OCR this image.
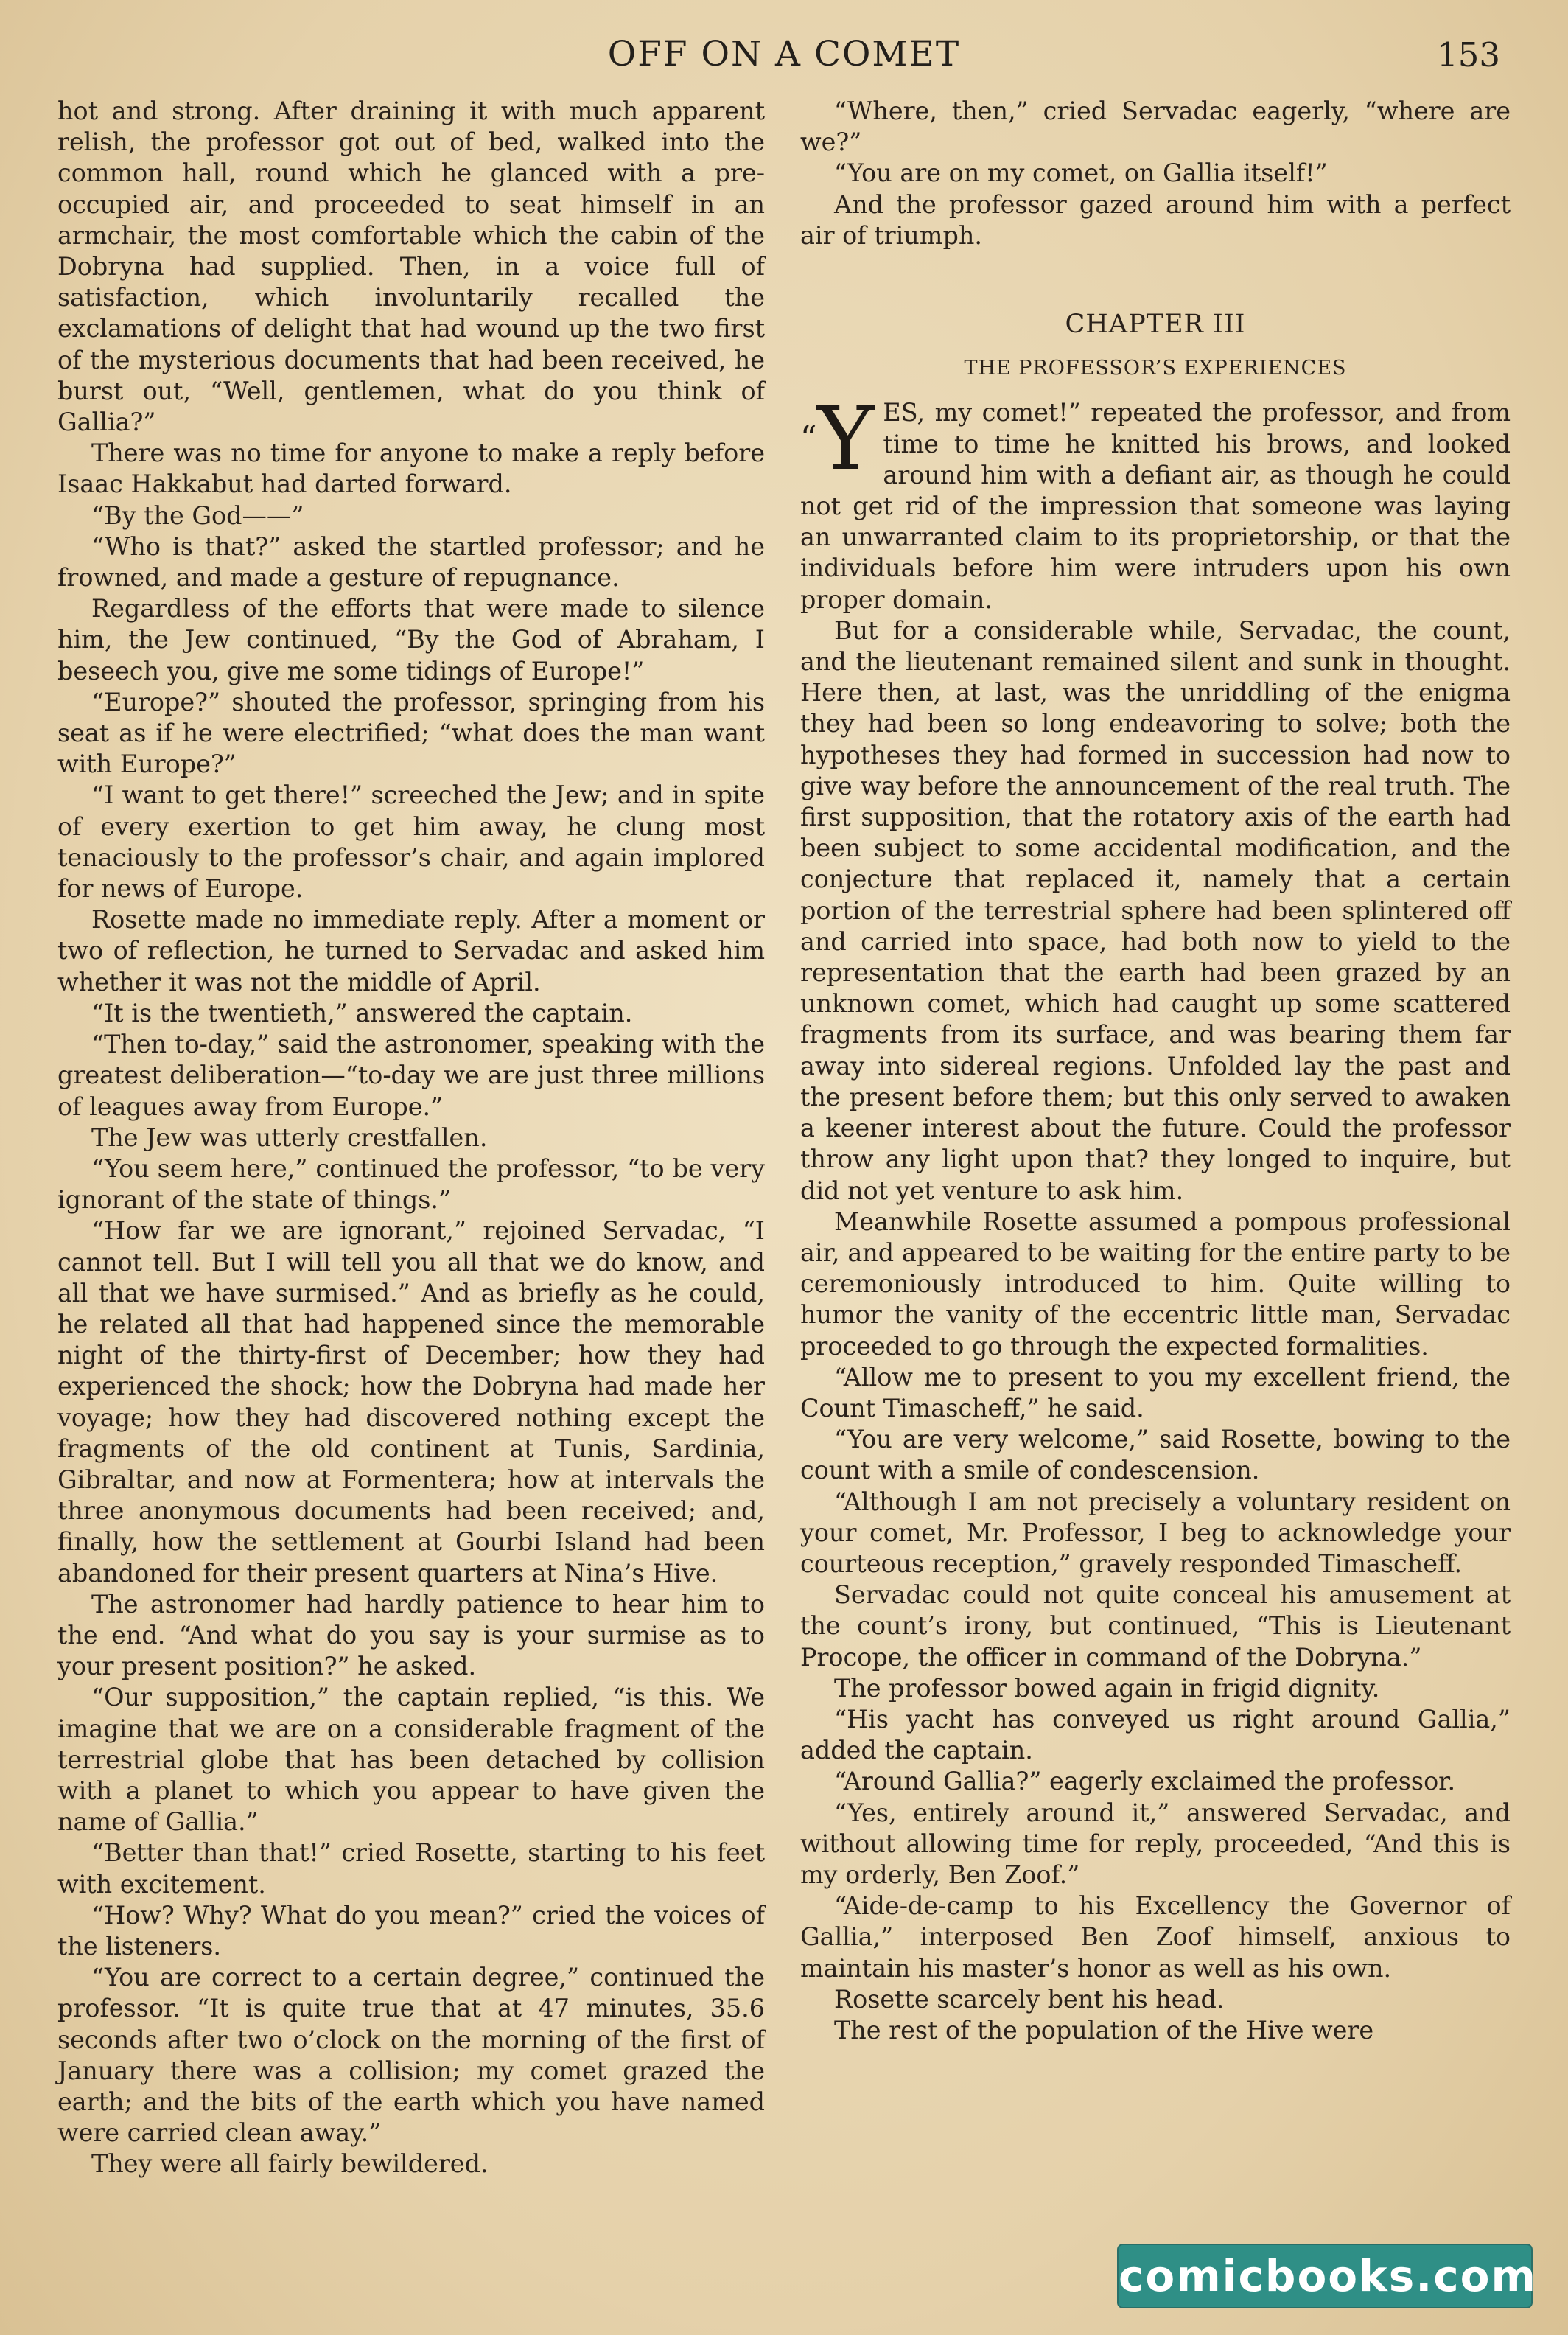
OFF ON A COMET	153

hot and strong. After draining it with much apparent relish, the professor got out of bed, walked into the common hall, round which he glanced with a pre-occupied air, and proceeded to seat himself in an armchair, the most comfortable which the cabin of the Dobryna had supplied. Then, in a voice full of satisfaction, which involuntarily recalled the exclamations of delight that had wound up the two first of the mysterious documents that had been received, he burst out, “Well, gentlemen, what do you think of Gallia?”

There was no time for anyone to make a reply before Isaac Hakkabut had darted forward.

“By the God——”

“Who is that?” asked the startled professor; and he frowned, and made a gesture of repugnance.

Regardless of the efforts that were made to silence him, the Jew continued, “By the God of Abraham, I beseech you, give me some tidings of Europe!”

“Europe?” shouted the professor, springing from his seat as if he were electrified; “what does the man want with Europe?”

“I want to get there!” screeched the Jew; and in spite of every exertion to get him away, he clung most tenaciously to the professor’s chair, and again implored for news of Europe.

Rosette made no immediate reply. After a moment or two of reflection, he turned to Servadac and asked him whether it was not the middle of April.

“It is the twentieth,” answered the captain.

“Then to-day,” said the astronomer, speaking with the greatest deliberation—“to-day we are just three millions of leagues away from Europe.”

The Jew was utterly crestfallen.

“You seem here,” continued the professor, “to be very ignorant of the state of things.”

“How far we are ignorant,” rejoined Servadac, “I cannot tell. But I will tell you all that we do know, and all that we have surmised.” And as briefly as he could, he related all that had happened since the memorable night of the thirty-first of December; how they had experienced the shock; how the Dobryna had made her voyage; how they had discovered nothing except the fragments of the old continent at Tunis, Sardinia, Gibraltar, and now at Formentera; how at intervals the three anonymous documents had been received; and, finally, how the settlement at Gourbi Island had been abandoned for their present quarters at Nina’s Hive.

The astronomer had hardly patience to hear him to the end. “And what do you say is your surmise as to your present position?” he asked.

“Our supposition,” the captain replied, “is this. We imagine that we are on a considerable fragment of the terrestrial globe that has been detached by collision with a planet to which you appear to have given the name of Gallia.”

“Better than that!” cried Rosette, starting to his feet with excitement.

“How? Why? What do you mean?” cried the voices of the listeners.

“You are correct to a certain degree,” continued the professor. “It is quite true that at 47 minutes, 35.6 seconds after two o’clock on the morning of the first of January there was a collision; my comet grazed the earth; and the bits of the earth which you have named were carried clean away.”

They were all fairly bewildered.

“Where, then,” cried Servadac eagerly, “where are we?”

“You are on my comet, on Gallia itself!”

And the professor gazed around him with a perfect air of triumph.

CHAPTER III
THE PROFESSOR’S EXPERIENCES

“Y ES, my comet!” repeated the professor, and from time to time he knitted his brows, and looked around him with a defiant air, as though he could not get rid of the impression that someone was laying an unwarranted claim to its proprietorship, or that the individuals before him were intruders upon his own proper domain.

But for a considerable while, Servadac, the count, and the lieutenant remained silent and sunk in thought. Here then, at last, was the unriddling of the enigma they had been so long endeavoring to solve; both the hypotheses they had formed in succession had now to give way before the announcement of the real truth. The first supposition, that the rotatory axis of the earth had been subject to some accidental modification, and the conjecture that replaced it, namely that a certain portion of the terrestrial sphere had been splintered off and carried into space, had both now to yield to the representation that the earth had been grazed by an unknown comet, which had caught up some scattered fragments from its surface, and was bearing them far away into sidereal regions. Unfolded lay the past and the present before them; but this only served to awaken a keener interest about the future. Could the professor throw any light upon that? they longed to inquire, but did not yet venture to ask him.

Meanwhile Rosette assumed a pompous professional air, and appeared to be waiting for the entire party to be ceremoniously introduced to him. Quite willing to humor the vanity of the eccentric little man, Servadac proceeded to go through the expected formalities.

“Allow me to present to you my excellent friend, the Count Timascheff,” he said.

“You are very welcome,” said Rosette, bowing to the count with a smile of condescension.

“Although I am not precisely a voluntary resident on your comet, Mr. Professor, I beg to acknowledge your courteous reception,” gravely responded Timascheff.

Servadac could not quite conceal his amusement at the count’s irony, but continued, “This is Lieutenant Procope, the officer in command of the Dobryna.”

The professor bowed again in frigid dignity.

“His yacht has conveyed us right around Gallia,” added the captain.

“Around Gallia?” eagerly exclaimed the professor.

“Yes, entirely around it,” answered Servadac, and without allowing time for reply, proceeded, “And this is my orderly, Ben Zoof.”

“Aide-de-camp to his Excellency the Governor of Gallia,” interposed Ben Zoof himself, anxious to maintain his master’s honor as well as his own.

Rosette scarcely bent his head.

The rest of the population of the Hive were

comicbooks.com
